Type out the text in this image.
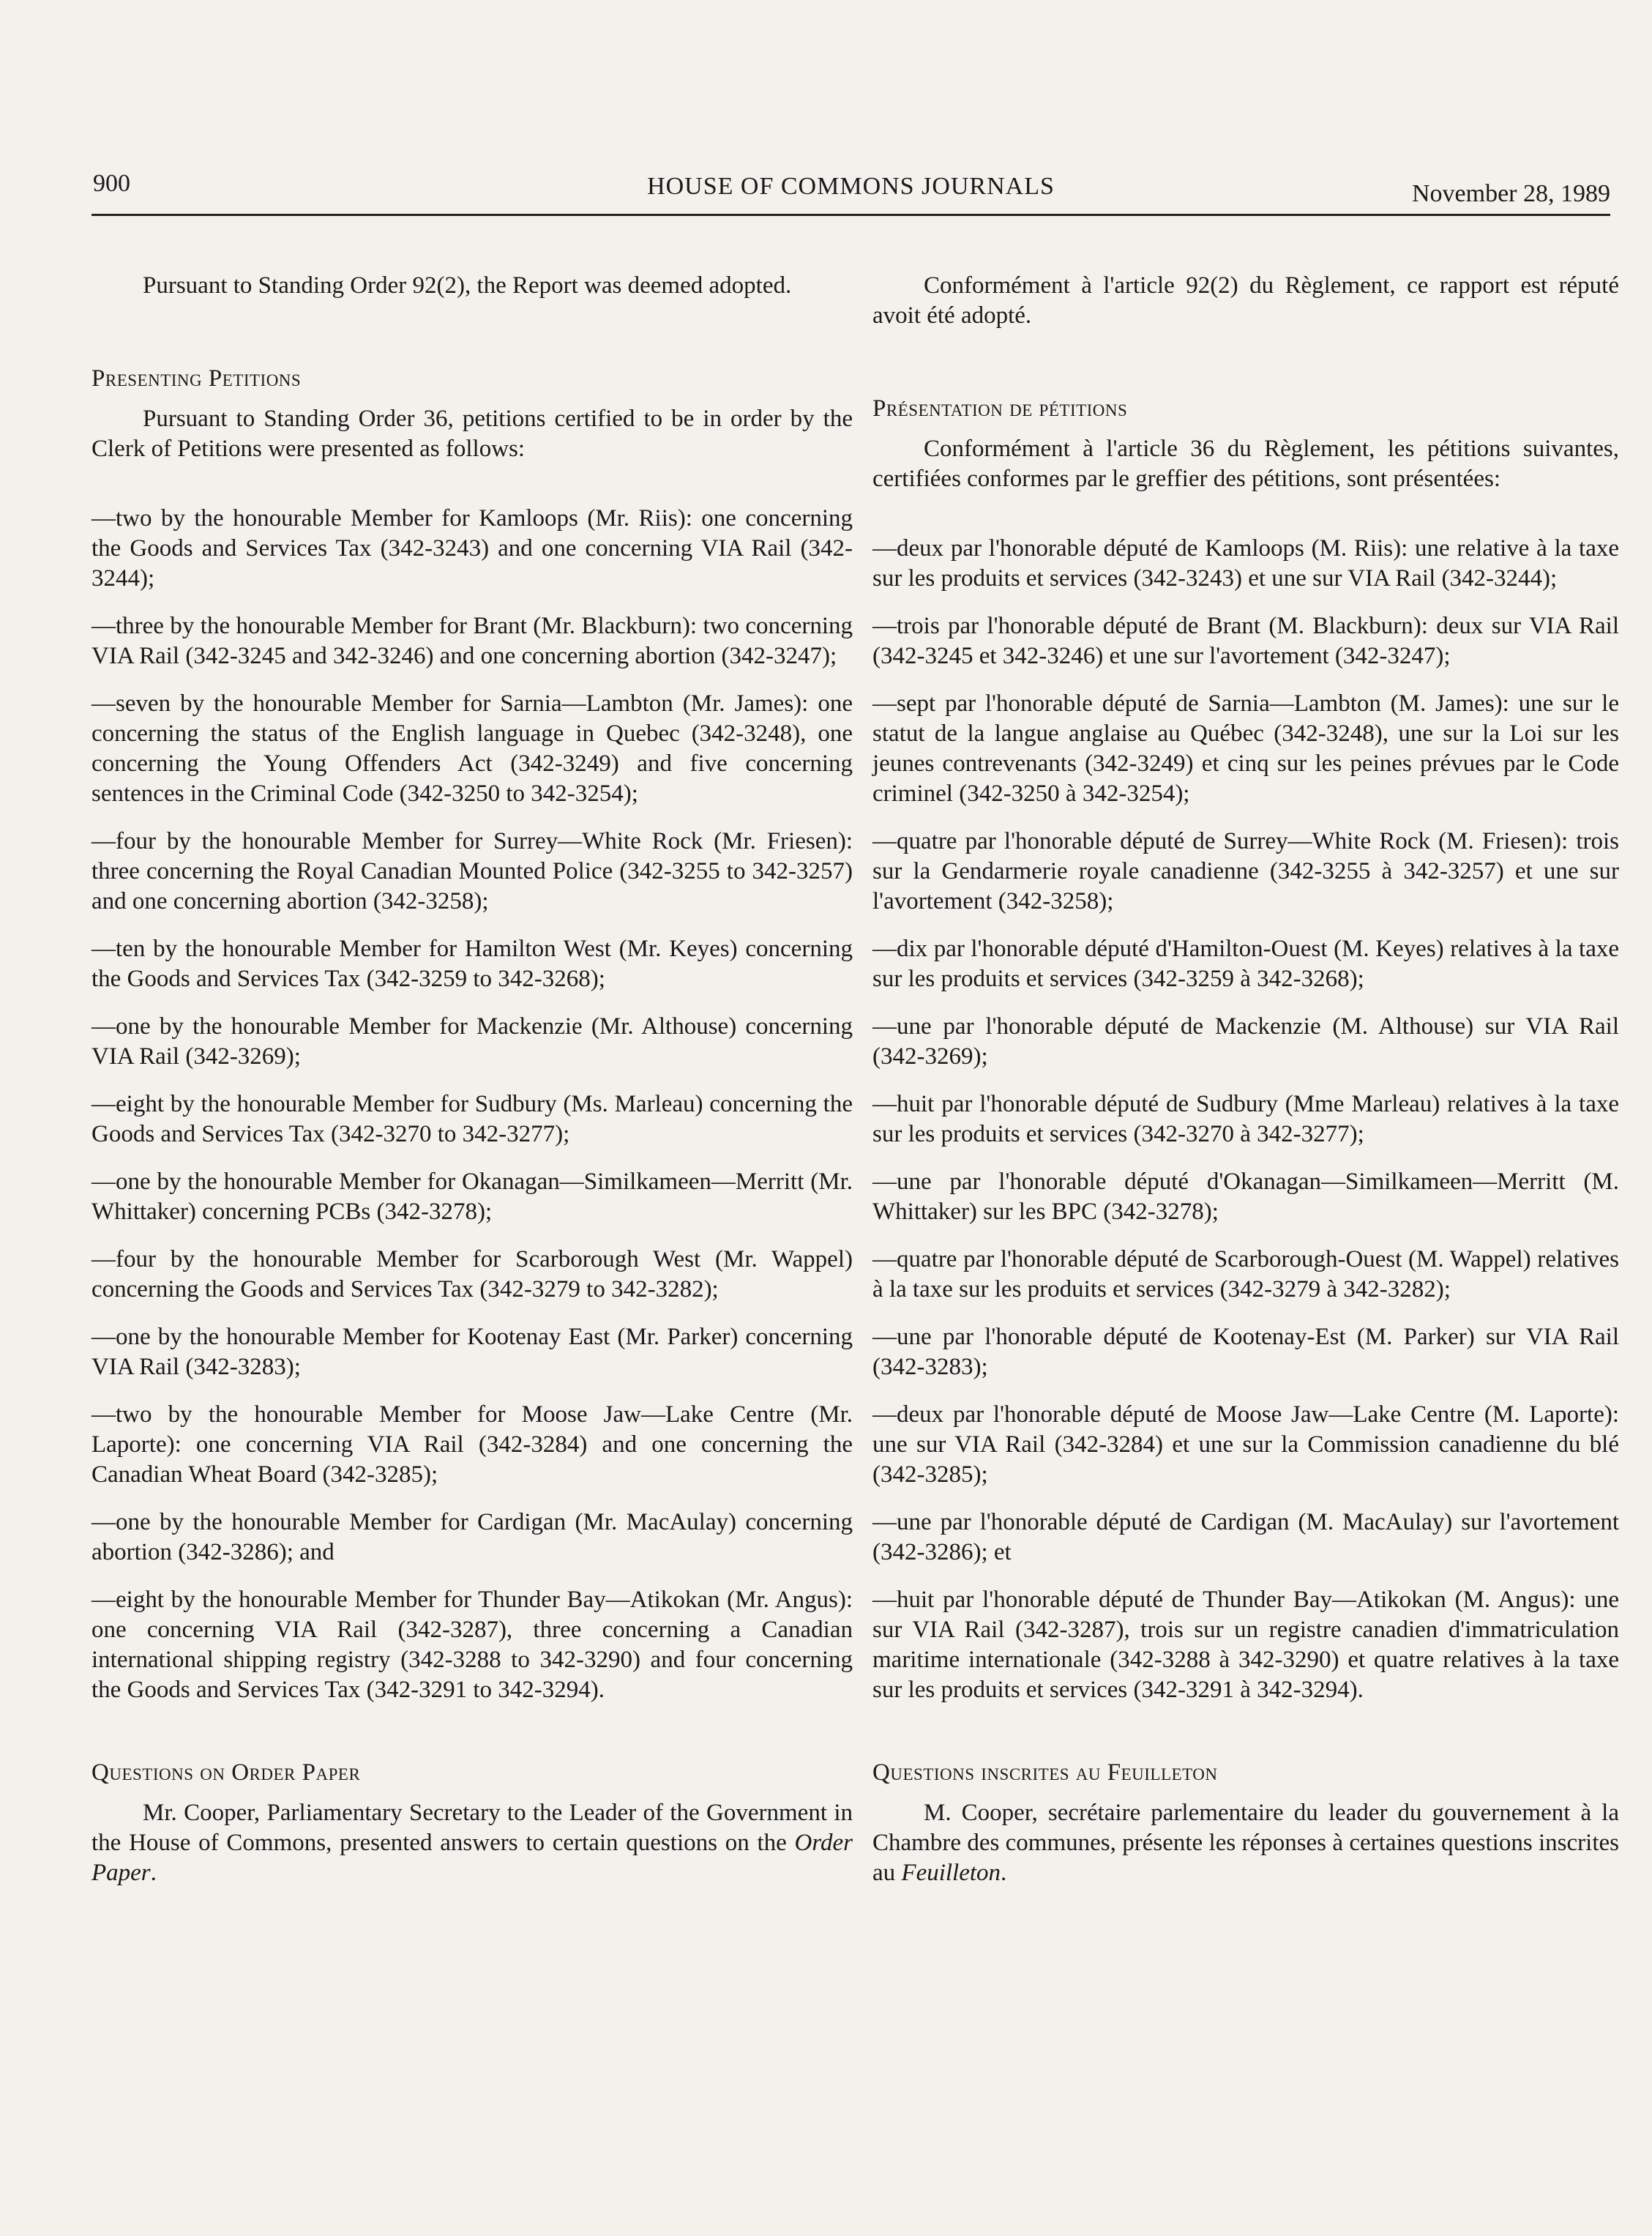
900	HOUSE OF COMMONS JOURNALS	November 28, 1989

Pursuant to Standing Order 92(2), the Report was deemed adopted.

Presenting Petitions

Pursuant to Standing Order 36, petitions certified to be in order by the Clerk of Petitions were presented as follows:

—two by the honourable Member for Kamloops (Mr. Riis): one concerning the Goods and Services Tax (342-3243) and one concerning VIA Rail (342-3244);

—three by the honourable Member for Brant (Mr. Blackburn): two concerning VIA Rail (342-3245 and 342-3246) and one concerning abortion (342-3247);

—seven by the honourable Member for Sarnia—Lambton (Mr. James): one concerning the status of the English language in Quebec (342-3248), one concerning the Young Offenders Act (342-3249) and five concerning sentences in the Criminal Code (342-3250 to 342-3254);

—four by the honourable Member for Surrey—White Rock (Mr. Friesen): three concerning the Royal Canadian Mounted Police (342-3255 to 342-3257) and one concerning abortion (342-3258);

—ten by the honourable Member for Hamilton West (Mr. Keyes) concerning the Goods and Services Tax (342-3259 to 342-3268);

—one by the honourable Member for Mackenzie (Mr. Althouse) concerning VIA Rail (342-3269);

—eight by the honourable Member for Sudbury (Ms. Marleau) concerning the Goods and Services Tax (342-3270 to 342-3277);

—one by the honourable Member for Okanagan—Similkameen—Merritt (Mr. Whittaker) concerning PCBs (342-3278);

—four by the honourable Member for Scarborough West (Mr. Wappel) concerning the Goods and Services Tax (342-3279 to 342-3282);

—one by the honourable Member for Kootenay East (Mr. Parker) concerning VIA Rail (342-3283);

—two by the honourable Member for Moose Jaw—Lake Centre (Mr. Laporte): one concerning VIA Rail (342-3284) and one concerning the Canadian Wheat Board (342-3285);

—one by the honourable Member for Cardigan (Mr. MacAulay) concerning abortion (342-3286); and

—eight by the honourable Member for Thunder Bay—Atikokan (Mr. Angus): one concerning VIA Rail (342-3287), three concerning a Canadian international shipping registry (342-3288 to 342-3290) and four concerning the Goods and Services Tax (342-3291 to 342-3294).

Questions on Order Paper

Mr. Cooper, Parliamentary Secretary to the Leader of the Government in the House of Commons, presented answers to certain questions on the Order Paper.

Conformément à l'article 92(2) du Règlement, ce rapport est réputé avoit été adopté.

Présentation de pétitions

Conformément à l'article 36 du Règlement, les pétitions suivantes, certifiées conformes par le greffier des pétitions, sont présentées:

—deux par l'honorable député de Kamloops (M. Riis): une relative à la taxe sur les produits et services (342-3243) et une sur VIA Rail (342-3244);

—trois par l'honorable député de Brant (M. Blackburn): deux sur VIA Rail (342-3245 et 342-3246) et une sur l'avortement (342-3247);

—sept par l'honorable député de Sarnia—Lambton (M. James): une sur le statut de la langue anglaise au Québec (342-3248), une sur la Loi sur les jeunes contrevenants (342-3249) et cinq sur les peines prévues par le Code criminel (342-3250 à 342-3254);

—quatre par l'honorable député de Surrey—White Rock (M. Friesen): trois sur la Gendarmerie royale canadienne (342-3255 à 342-3257) et une sur l'avortement (342-3258);

—dix par l'honorable député d'Hamilton-Ouest (M. Keyes) relatives à la taxe sur les produits et services (342-3259 à 342-3268);

—une par l'honorable député de Mackenzie (M. Althouse) sur VIA Rail (342-3269);

—huit par l'honorable député de Sudbury (Mme Marleau) relatives à la taxe sur les produits et services (342-3270 à 342-3277);

—une par l'honorable député d'Okanagan—Similkameen—Merritt (M. Whittaker) sur les BPC (342-3278);

—quatre par l'honorable député de Scarborough-Ouest (M. Wappel) relatives à la taxe sur les produits et services (342-3279 à 342-3282);

—une par l'honorable député de Kootenay-Est (M. Parker) sur VIA Rail (342-3283);

—deux par l'honorable député de Moose Jaw—Lake Centre (M. Laporte): une sur VIA Rail (342-3284) et une sur la Commission canadienne du blé (342-3285);

—une par l'honorable député de Cardigan (M. MacAulay) sur l'avortement (342-3286); et

—huit par l'honorable député de Thunder Bay—Atikokan (M. Angus): une sur VIA Rail (342-3287), trois sur un registre canadien d'immatriculation maritime internationale (342-3288 à 342-3290) et quatre relatives à la taxe sur les produits et services (342-3291 à 342-3294).

Questions inscrites au Feuilleton

M. Cooper, secrétaire parlementaire du leader du gouvernement à la Chambre des communes, présente les réponses à certaines questions inscrites au Feuilleton.
